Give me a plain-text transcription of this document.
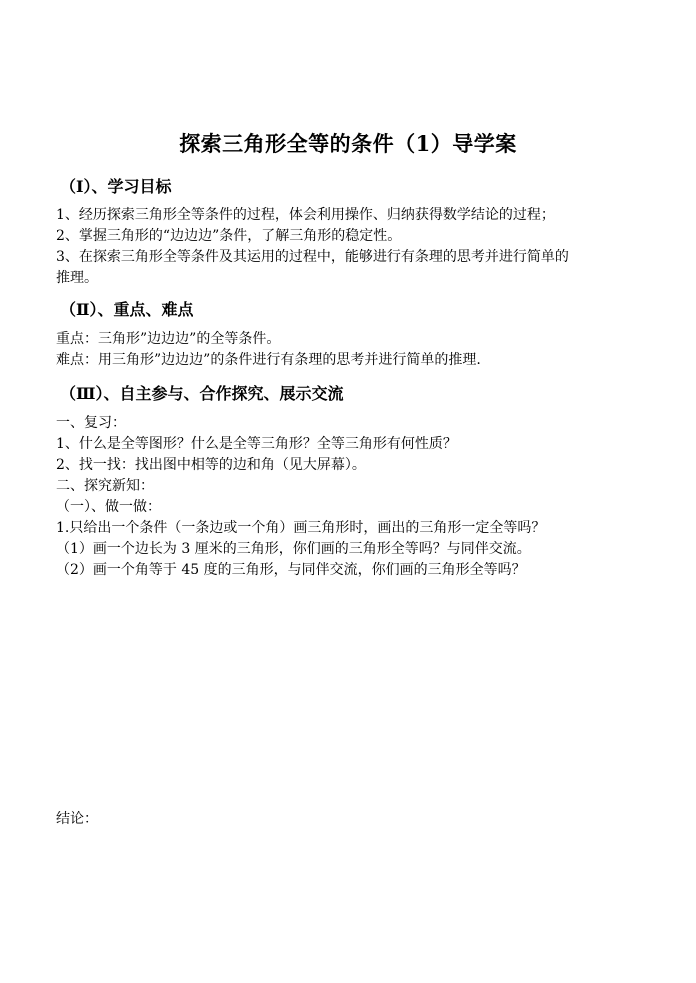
探索三角形全等的条件（1）导学案
（Ⅰ）、学习目标
1、经历探索三角形全等条件的过程，体会利用操作、归纳获得数学结论的过程；
2、掌握三角形的“边边边”条件，了解三角形的稳定性。
3、在探索三角形全等条件及其运用的过程中，能够进行有条理的思考并进行简单的
推理。
（Ⅱ）、重点、难点
重点：三角形”边边边”的全等条件。
难点：用三角形”边边边”的条件进行有条理的思考并进行简单的推理.
（Ⅲ）、自主参与、合作探究、展示交流
一、复习：
1、什么是全等图形？什么是全等三角形？全等三角形有何性质？
2、找一找：找出图中相等的边和角（见大屏幕）。
二、探究新知：
（一）、做一做：
1.只给出一个条件（一条边或一个角）画三角形时，画出的三角形一定全等吗？
（1）画一个边长为 3 厘米的三角形，你们画的三角形全等吗？与同伴交流。
（2）画一个角等于 45 度的三角形，与同伴交流，你们画的三角形全等吗？
结论：
